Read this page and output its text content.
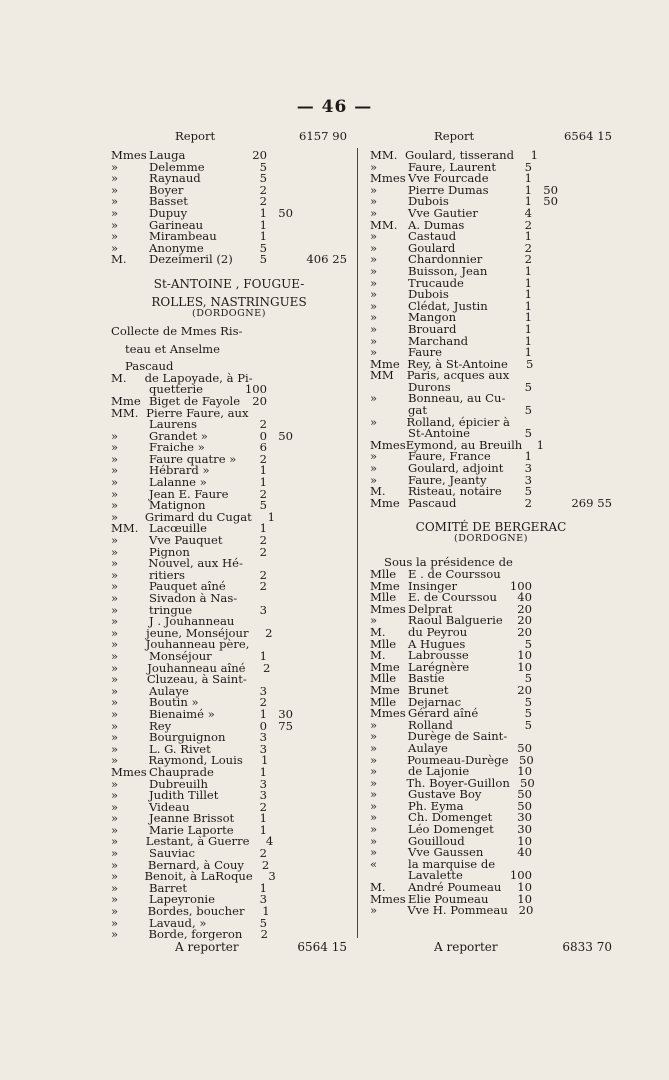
— 46 —
Report	6157 90
Mmes Lauga	20
»	Delemme	5
»	Raynaud	5
»	Boyer	2
»	Basset	2
»	Dupuy	1 50
»	Garineau	1
»	Mirambeau	1
»	Anonyme	5
M.	Dezeimeril (2)	5	406 25
St-ANTOINE , FOUGUE-
ROLLES, NASTRINGUES
(DORDOGNE)
Collecte de Mmes Ris-
teau et Anselme
Pascaud
M.	de Lapoyade, à Pi-
quetterie	100
Mme Biget de Fayole	20
MM. Pierre Faure, aux
Laurens	2
»	Grandet »	0 50
»	Fraiche »	6
»	Faure quatre »	2
»	Hébrard »	1
»	Lalanne »	1
»	Jean E. Faure	2
»	Matignon	5
»	Grimard du Cugat	1
MM. Lacœuille	1
»	Vve Pauquet	2
»	Pignon	2
»	Nouvel, aux Hé-
»	ritiers	2
»	Pauquet aîné	2
»	Sivadon à Nas-
»	tringue	3
»	J . Jouhanneau
»	jeune, Monséjour	2
»	Jouhanneau père,
»	Monséjour	1
»	Jouhanneau aîné	2
»	Cluzeau, à Saint-
»	Aulaye	3
»	Boutin »	2
»	Bienaimé »	1 30
»	Rey	0 75
»	Bourguignon	3
»	L. G. Rivet	3
»	Raymond, Louis	1
Mmes Chauprade	1
»	Dubreuilh	3
»	Judith Tillet	3
»	Videau	2
»	Jeanne Brissot	1
»	Marie Laporte	1
»	Lestant, à Guerre	4
»	Sauviac	2
»	Bernard, à Couy	2
»	Benoit, à LaRoque	3
»	Barret	1
»	Lapeyronie	3
»	Bordes, boucher	1
»	Lavaud, »	5
»	Borde, forgeron	2
Report	6564 15
MM. Goulard, tisserand	1
»	Faure, Laurent	5
Mmes Vve Fourcade	1
»	Pierre Dumas	1 50
»	Dubois	1 50
»	Vve Gautier	4
MM. A. Dumas	2
»	Castaud	1
»	Goulard	2
»	Chardonnier	2
»	Buisson, Jean	1
»	Trucaude	1
»	Dubois	1
»	Clédat, Justin	1
»	Mangon	1
»	Brouard	1
»	Marchand	1
»	Faure	1
Mme Rey, à St-Antoine	5
MM	Paris, acques aux
Durons	5
»	Bonneau, au Cu-
gat	5
»	Rolland, épicier à
St-Antoine	5
Mmes Eymond, au Breuilh	1
»	Faure, France	1
»	Goulard, adjoint	3
»	Faure, Jeanty	3
M.	Risteau, notaire	5
Mme Pascaud	2	269 55
COMITÉ DE BERGERAC
(DORDOGNE)
Sous la présidence de
Mlle	E . de Courssou
Mme Insinger	100
Mlle	E. de Courssou	40
Mmes Delprat	20
»	Raoul Balguerie	20
M.	du Peyrou	20
Mlle	A Hugues	5
M.	Labrousse	10
Mme Larégnère	10
Mlle	Bastie	5
Mme Brunet	20
Mlle	Dejarnac	5
Mmes Gérard aîné	5
»	Rolland	5
»	Durège de Saint-
»	Aulaye	50
»	Poumeau-Durège 50
»	de Lajonie	10
»	Th. Boyer-Guillon 50
»	Gustave Boy	50
»	Ph. Eyma	50
»	Ch. Domenget	30
»	Léo Domenget	30
»	Gouilloud	10
»	Vve Gaussen	40
«	la marquise de
Lavalette	100
M.	André Poumeau	10
Mmes Elie Poumeau	10
»	Vve H. Pommeau 20
A reporter	6564 15	A reporter	6833 70
